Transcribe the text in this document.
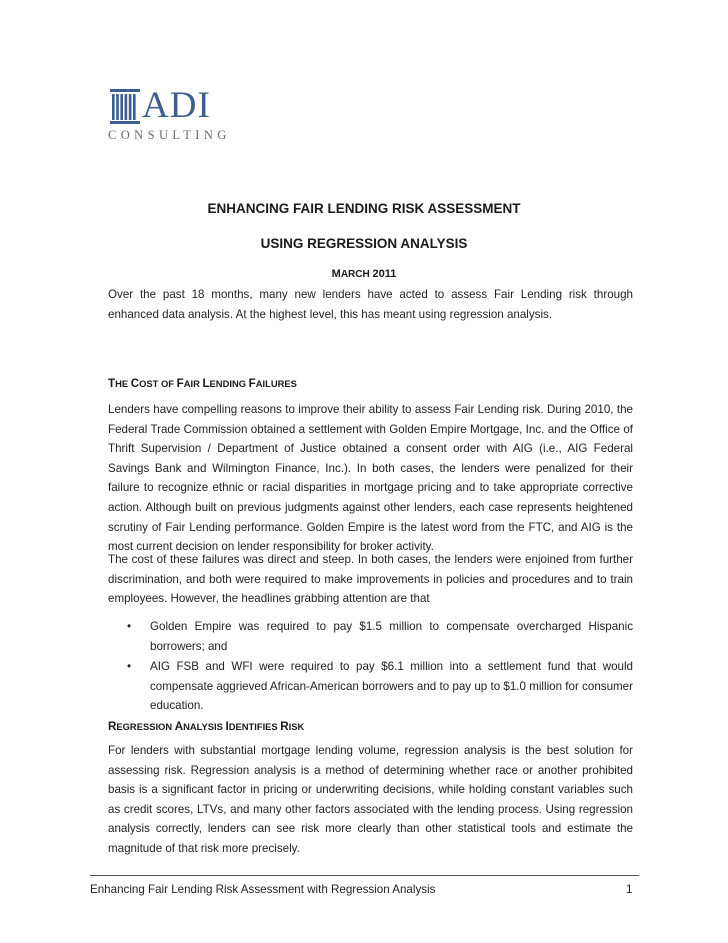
ADI
CONSULTING
ENHANCING FAIR LENDING RISK ASSESSMENT
USING REGRESSION ANALYSIS
MARCH 2011
Over the past 18 months, many new lenders have acted to assess Fair Lending risk through enhanced data analysis. At the highest level, this has meant using regression analysis.
THE COST OF FAIR LENDING FAILURES
Lenders have compelling reasons to improve their ability to assess Fair Lending risk. During 2010, the Federal Trade Commission obtained a settlement with Golden Empire Mortgage, Inc. and the Office of Thrift Supervision / Department of Justice obtained a consent order with AIG (i.e., AIG Federal Savings Bank and Wilmington Finance, Inc.). In both cases, the lenders were penalized for their failure to recognize ethnic or racial disparities in mortgage pricing and to take appropriate corrective action. Although built on previous judgments against other lenders, each case represents heightened scrutiny of Fair Lending performance. Golden Empire is the latest word from the FTC, and AIG is the most current decision on lender responsibility for broker activity.
The cost of these failures was direct and steep. In both cases, the lenders were enjoined from further discrimination, and both were required to make improvements in policies and procedures and to train employees. However, the headlines grabbing attention are that
• Golden Empire was required to pay $1.5 million to compensate overcharged Hispanic borrowers; and
• AIG FSB and WFI were required to pay $6.1 million into a settlement fund that would compensate aggrieved African-American borrowers and to pay up to $1.0 million for consumer education.
REGRESSION ANALYSIS IDENTIFIES RISK
For lenders with substantial mortgage lending volume, regression analysis is the best solution for assessing risk. Regression analysis is a method of determining whether race or another prohibited basis is a significant factor in pricing or underwriting decisions, while holding constant variables such as credit scores, LTVs, and many other factors associated with the lending process. Using regression analysis correctly, lenders can see risk more clearly than other statistical tools and estimate the magnitude of that risk more precisely.
Enhancing Fair Lending Risk Assessment with Regression Analysis	1
